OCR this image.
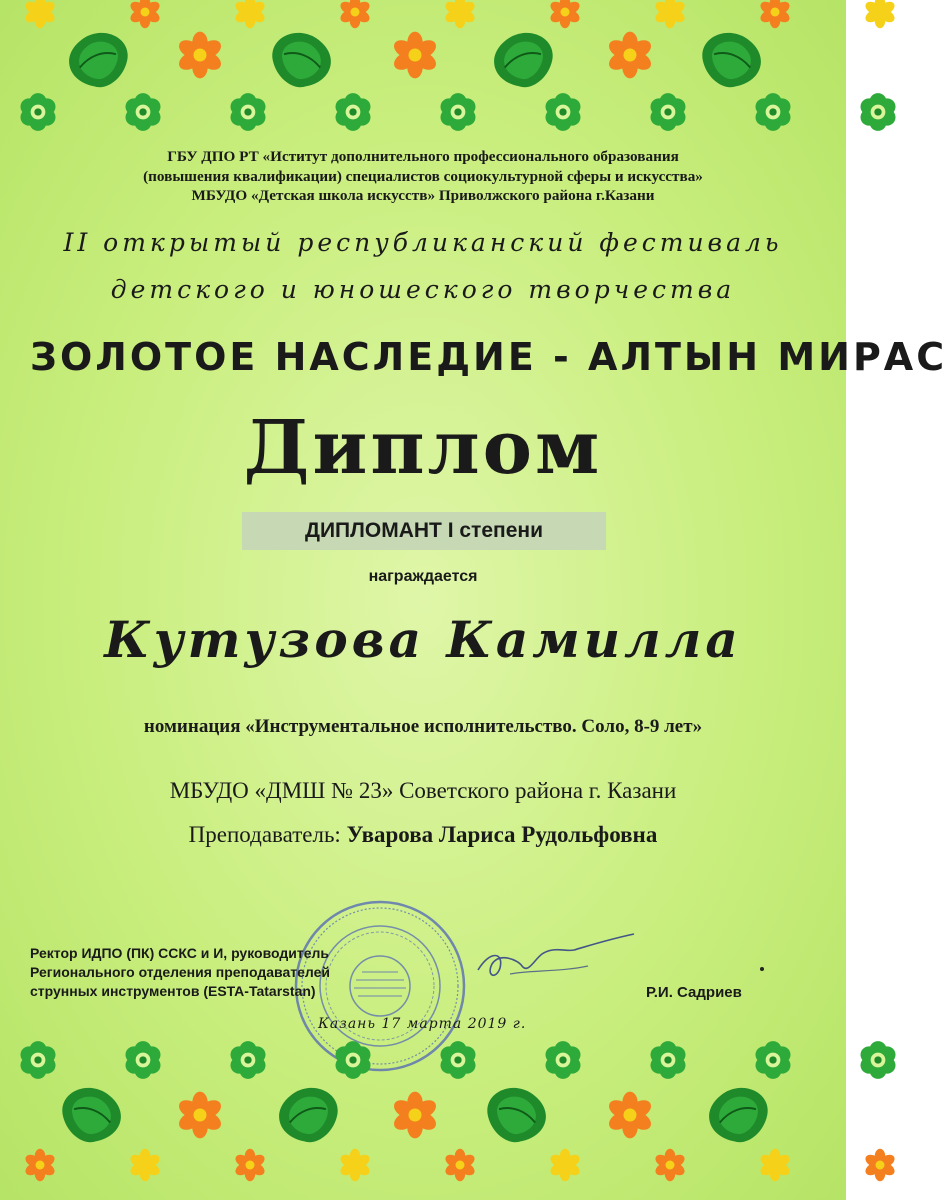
ГБУ ДПО РТ «Иститут дополнительного профессионального образования
(повышения квалификации) специалистов социокультурной сферы и искусства»
МБУДО «Детская школа искусств» Приволжского района г.Казани
II открытый республиканский фестиваль
детского и юношеского творчества
ЗОЛОТОЕ НАСЛЕДИЕ - АЛТЫН МИРАС
Диплом
ДИПЛОМАНТ I степени
награждается
Кутузова Камилла
номинация «Инструментальное исполнительство. Соло, 8-9 лет»
МБУДО «ДМШ № 23» Советского района г. Казани
Преподаватель: Уварова Лариса Рудольфовна
Ректор ИДПО (ПК) ССКС и И, руководитель
Регионального отделения преподавателей
струнных инструментов (ESTA-Tatarstan)	Р.И. Садриев
Казань 17 марта 2019 г.
